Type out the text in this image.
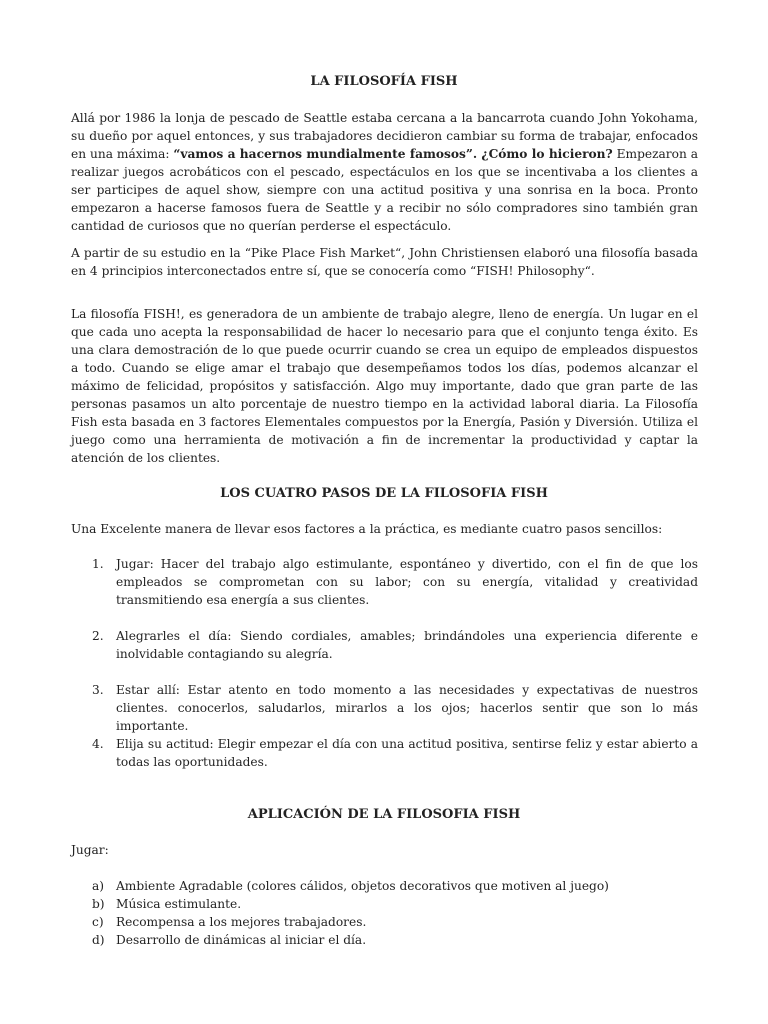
LA FILOSOFÍA FISH

Allá por 1986 la lonja de pescado de Seattle estaba cercana a la bancarrota cuando John Yokohama, su dueño por aquel entonces, y sus trabajadores decidieron cambiar su forma de trabajar, enfocados en una máxima: “vamos a hacernos mundialmente famosos”. ¿Cómo lo hicieron? Empezaron a realizar juegos acrobáticos con el pescado, espectáculos en los que se incentivaba a los clientes a ser participes de aquel show, siempre con una actitud positiva y una sonrisa en la boca. Pronto empezaron a hacerse famosos fuera de Seattle y a recibir no sólo compradores sino también gran cantidad de curiosos que no querían perderse el espectáculo.

A partir de su estudio en la “Pike Place Fish Market“, John Christiensen elaboró una filosofía basada en 4 principios interconectados entre sí, que se conocería como “FISH! Philosophy“.

La filosofía FISH!, es generadora de un ambiente de trabajo alegre, lleno de energía. Un lugar en el que cada uno acepta la responsabilidad de hacer lo necesario para que el conjunto tenga éxito. Es una clara demostración de lo que puede ocurrir cuando se crea un equipo de empleados dispuestos a todo. Cuando se elige amar el trabajo que desempeñamos todos los días, podemos alcanzar el máximo de felicidad, propósitos y satisfacción. Algo muy importante, dado que gran parte de las personas pasamos un alto porcentaje de nuestro tiempo en la actividad laboral diaria. La Filosofía Fish esta basada en 3 factores Elementales compuestos por la Energía, Pasión y Diversión. Utiliza el juego como una herramienta de motivación a fin de incrementar la productividad y captar la atención de los clientes.

LOS CUATRO PASOS DE LA FILOSOFIA FISH

Una Excelente manera de llevar esos factores a la práctica, es mediante cuatro pasos sencillos:

1.	Jugar: Hacer del trabajo algo estimulante, espontáneo y divertido, con el fin de que los empleados se comprometan con su labor; con su energía, vitalidad y creatividad transmitiendo esa energía a sus clientes.
2.	Alegrarles el día: Siendo cordiales, amables; brindándoles una experiencia diferente e inolvidable contagiando su alegría.
3.	Estar allí: Estar atento en todo momento a las necesidades y expectativas de nuestros clientes. conocerlos, saludarlos, mirarlos a los ojos; hacerlos sentir que son lo más importante.
4.	Elija su actitud: Elegir empezar el día con una actitud positiva, sentirse feliz y estar abierto a todas las oportunidades.
APLICACIÓN DE LA FILOSOFIA FISH

Jugar:

a) Ambiente Agradable (colores cálidos, objetos decorativos que motiven al juego)
b) Música estimulante.
c)	Recompensa a los mejores trabajadores.
d) Desarrollo de dinámicas al iniciar el día.
